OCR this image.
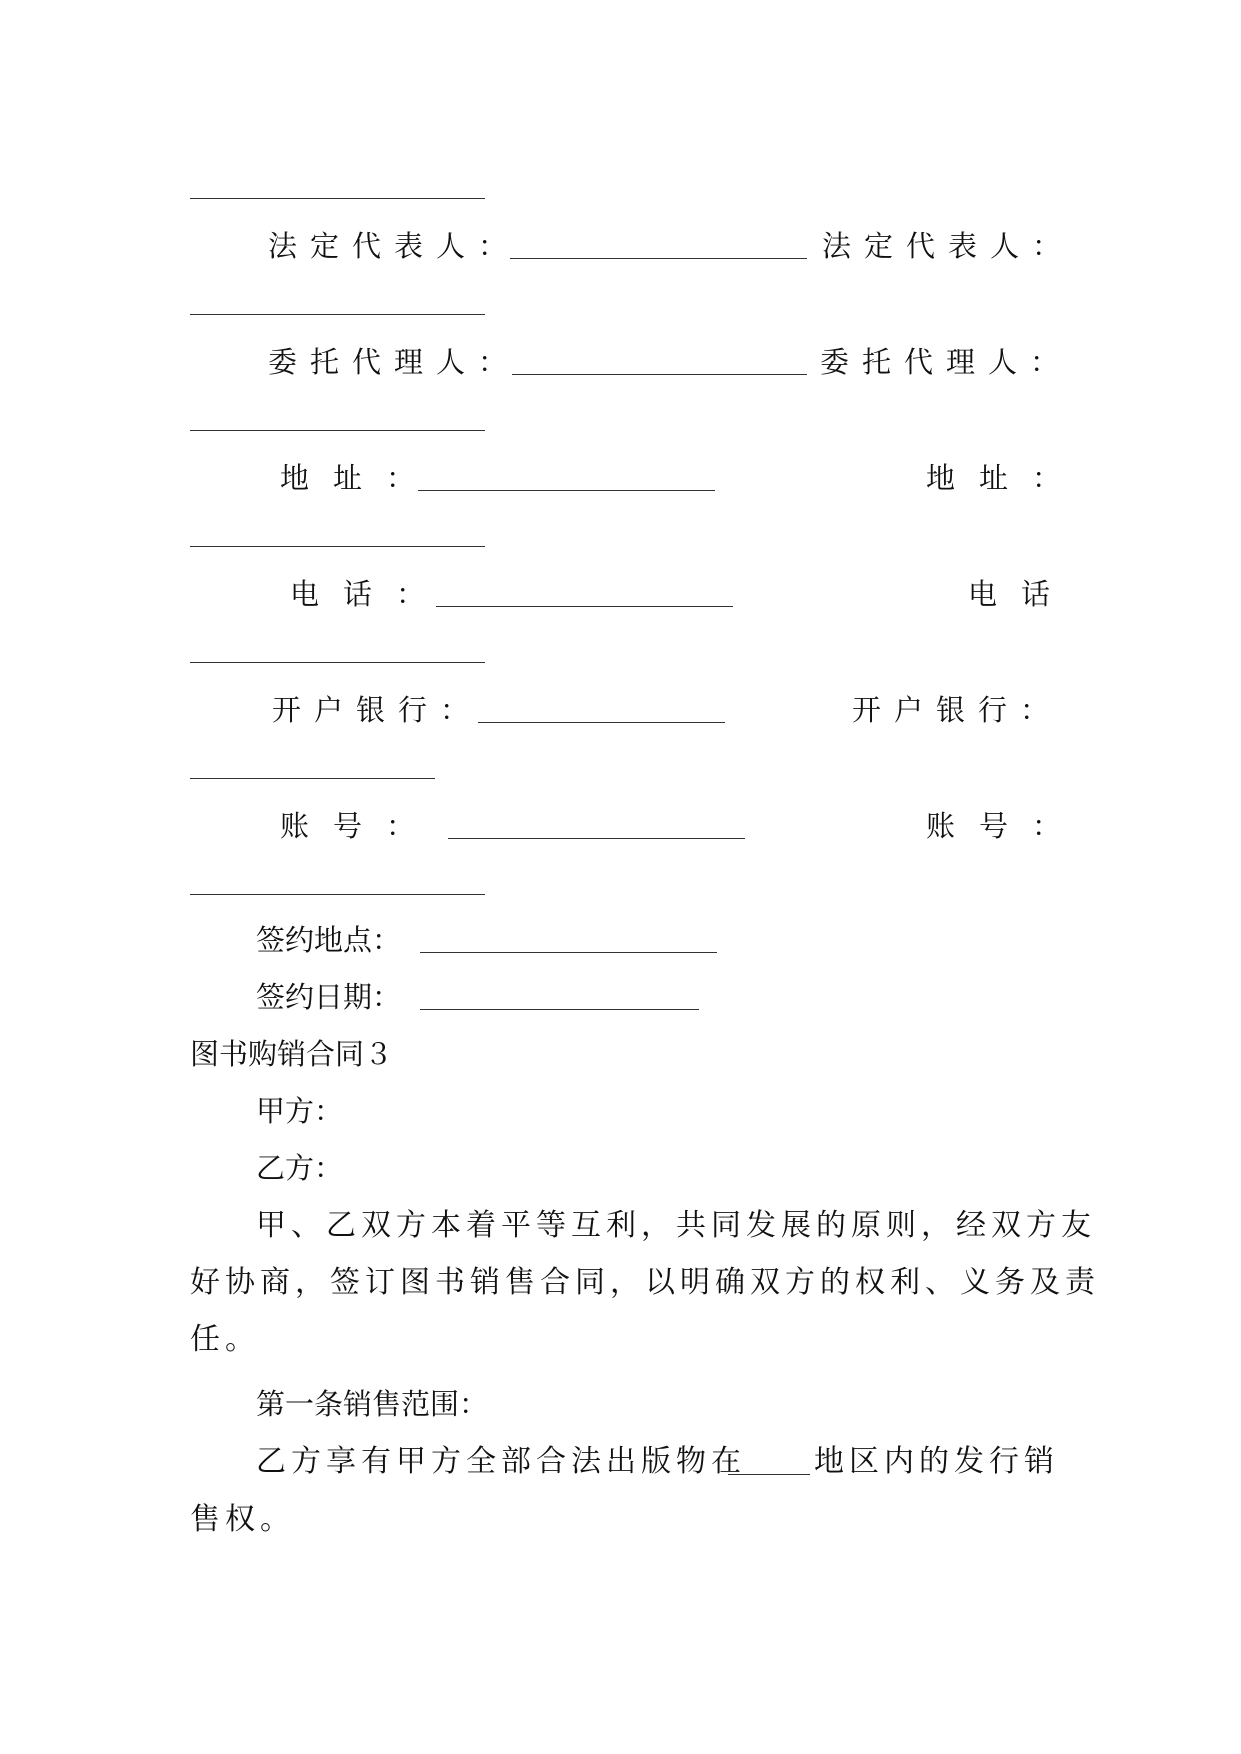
法定代表人：	法定代表人：
委托代理人：	委托代理人：
地址：	地址：
电话：	电话
开户银行：	开户银行：
账号：	账号：
签约地点：
签约日期：
图书购销合同３
甲方：
乙方：
甲、乙双方本着平等互利，共同发展的原则，经双方友
好协商，签订图书销售合同，以明确双方的权利、义务及责
任。
第一条销售范围：
乙方享有甲方全部合法出版物在 地区内的发行销
售权。
